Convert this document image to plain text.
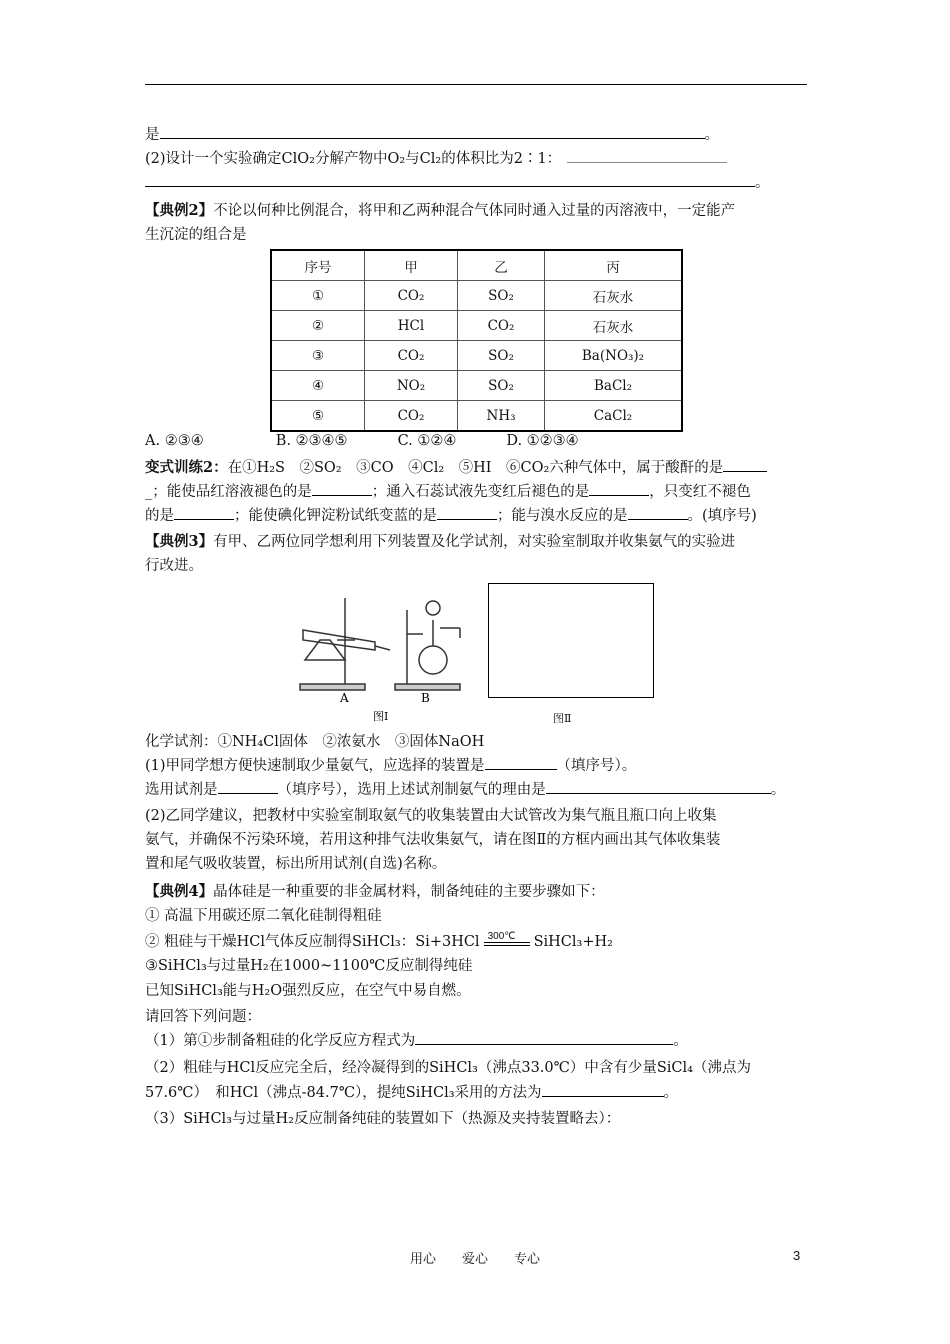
是	。
(2)设计一个实验确定ClO₂分解产物中O₂与Cl₂的体积比为2∶1：
。
【典例2】不论以何种比例混合，将甲和乙两种混合气体同时通入过量的丙溶液中，一定能产
生沉淀的组合是
序号	甲	乙	丙
①	CO₂	SO₂	石灰水
②	HCl	CO₂	石灰水
③	CO₂	SO₂	Ba(NO₃)₂
④	NO₂	SO₂	BaCl₂
⑤	CO₂	NH₃	CaCl₂
A. ②③④	B. ②③④⑤	C. ①②④	D. ①②③④
变式训练2：在①H₂S　②SO₂　③CO　④Cl₂　⑤HI　⑥CO₂六种气体中，属于酸酐的是
_；能使品红溶液褪色的是	；通入石蕊试液先变红后褪色的是	，只变红不褪色
的是	；能使碘化钾淀粉试纸变蓝的是	；能与溴水反应的是	。(填序号)
【典例3】有甲、乙两位同学想利用下列装置及化学试剂，对实验室制取并收集氨气的实验进
行改进。
A	B
图Ⅰ	图Ⅱ
化学试剂：①NH₄Cl固体　②浓氨水　③固体NaOH
(1)甲同学想方便快速制取少量氨气，应选择的装置是	（填序号）。
选用试剂是	（填序号），选用上述试剂制氨气的理由是	。
(2)乙同学建议，把教材中实验室制取氨气的收集装置由大试管改为集气瓶且瓶口向上收集
氨气，并确保不污染环境，若用这种排气法收集氨气，请在图Ⅱ的方框内画出其气体收集装
置和尾气吸收装置，标出所用试剂(自选)名称。
【典例4】晶体硅是一种重要的非金属材料，制备纯硅的主要步骤如下：
① 高温下用碳还原二氧化硅制得粗硅
② 粗硅与干燥HCl气体反应制得SiHCl₃：Si+3HCl 300℃ SiHCl₃+H₂
③SiHCl₃与过量H₂在1000~1100℃反应制得纯硅
已知SiHCl₃能与H₂O强烈反应，在空气中易自燃。
请回答下列问题：
（1）第①步制备粗硅的化学反应方程式为	。
（2）粗硅与HCl反应完全后，经冷凝得到的SiHCl₃（沸点33.0℃）中含有少量SiCl₄（沸点为
57.6℃）　和HCl（沸点-84.7℃），提纯SiHCl₃采用的方法为	。
（3）SiHCl₃与过量H₂反应制备纯硅的装置如下（热源及夹持装置略去）：
用心　　爱心　　专心	3
